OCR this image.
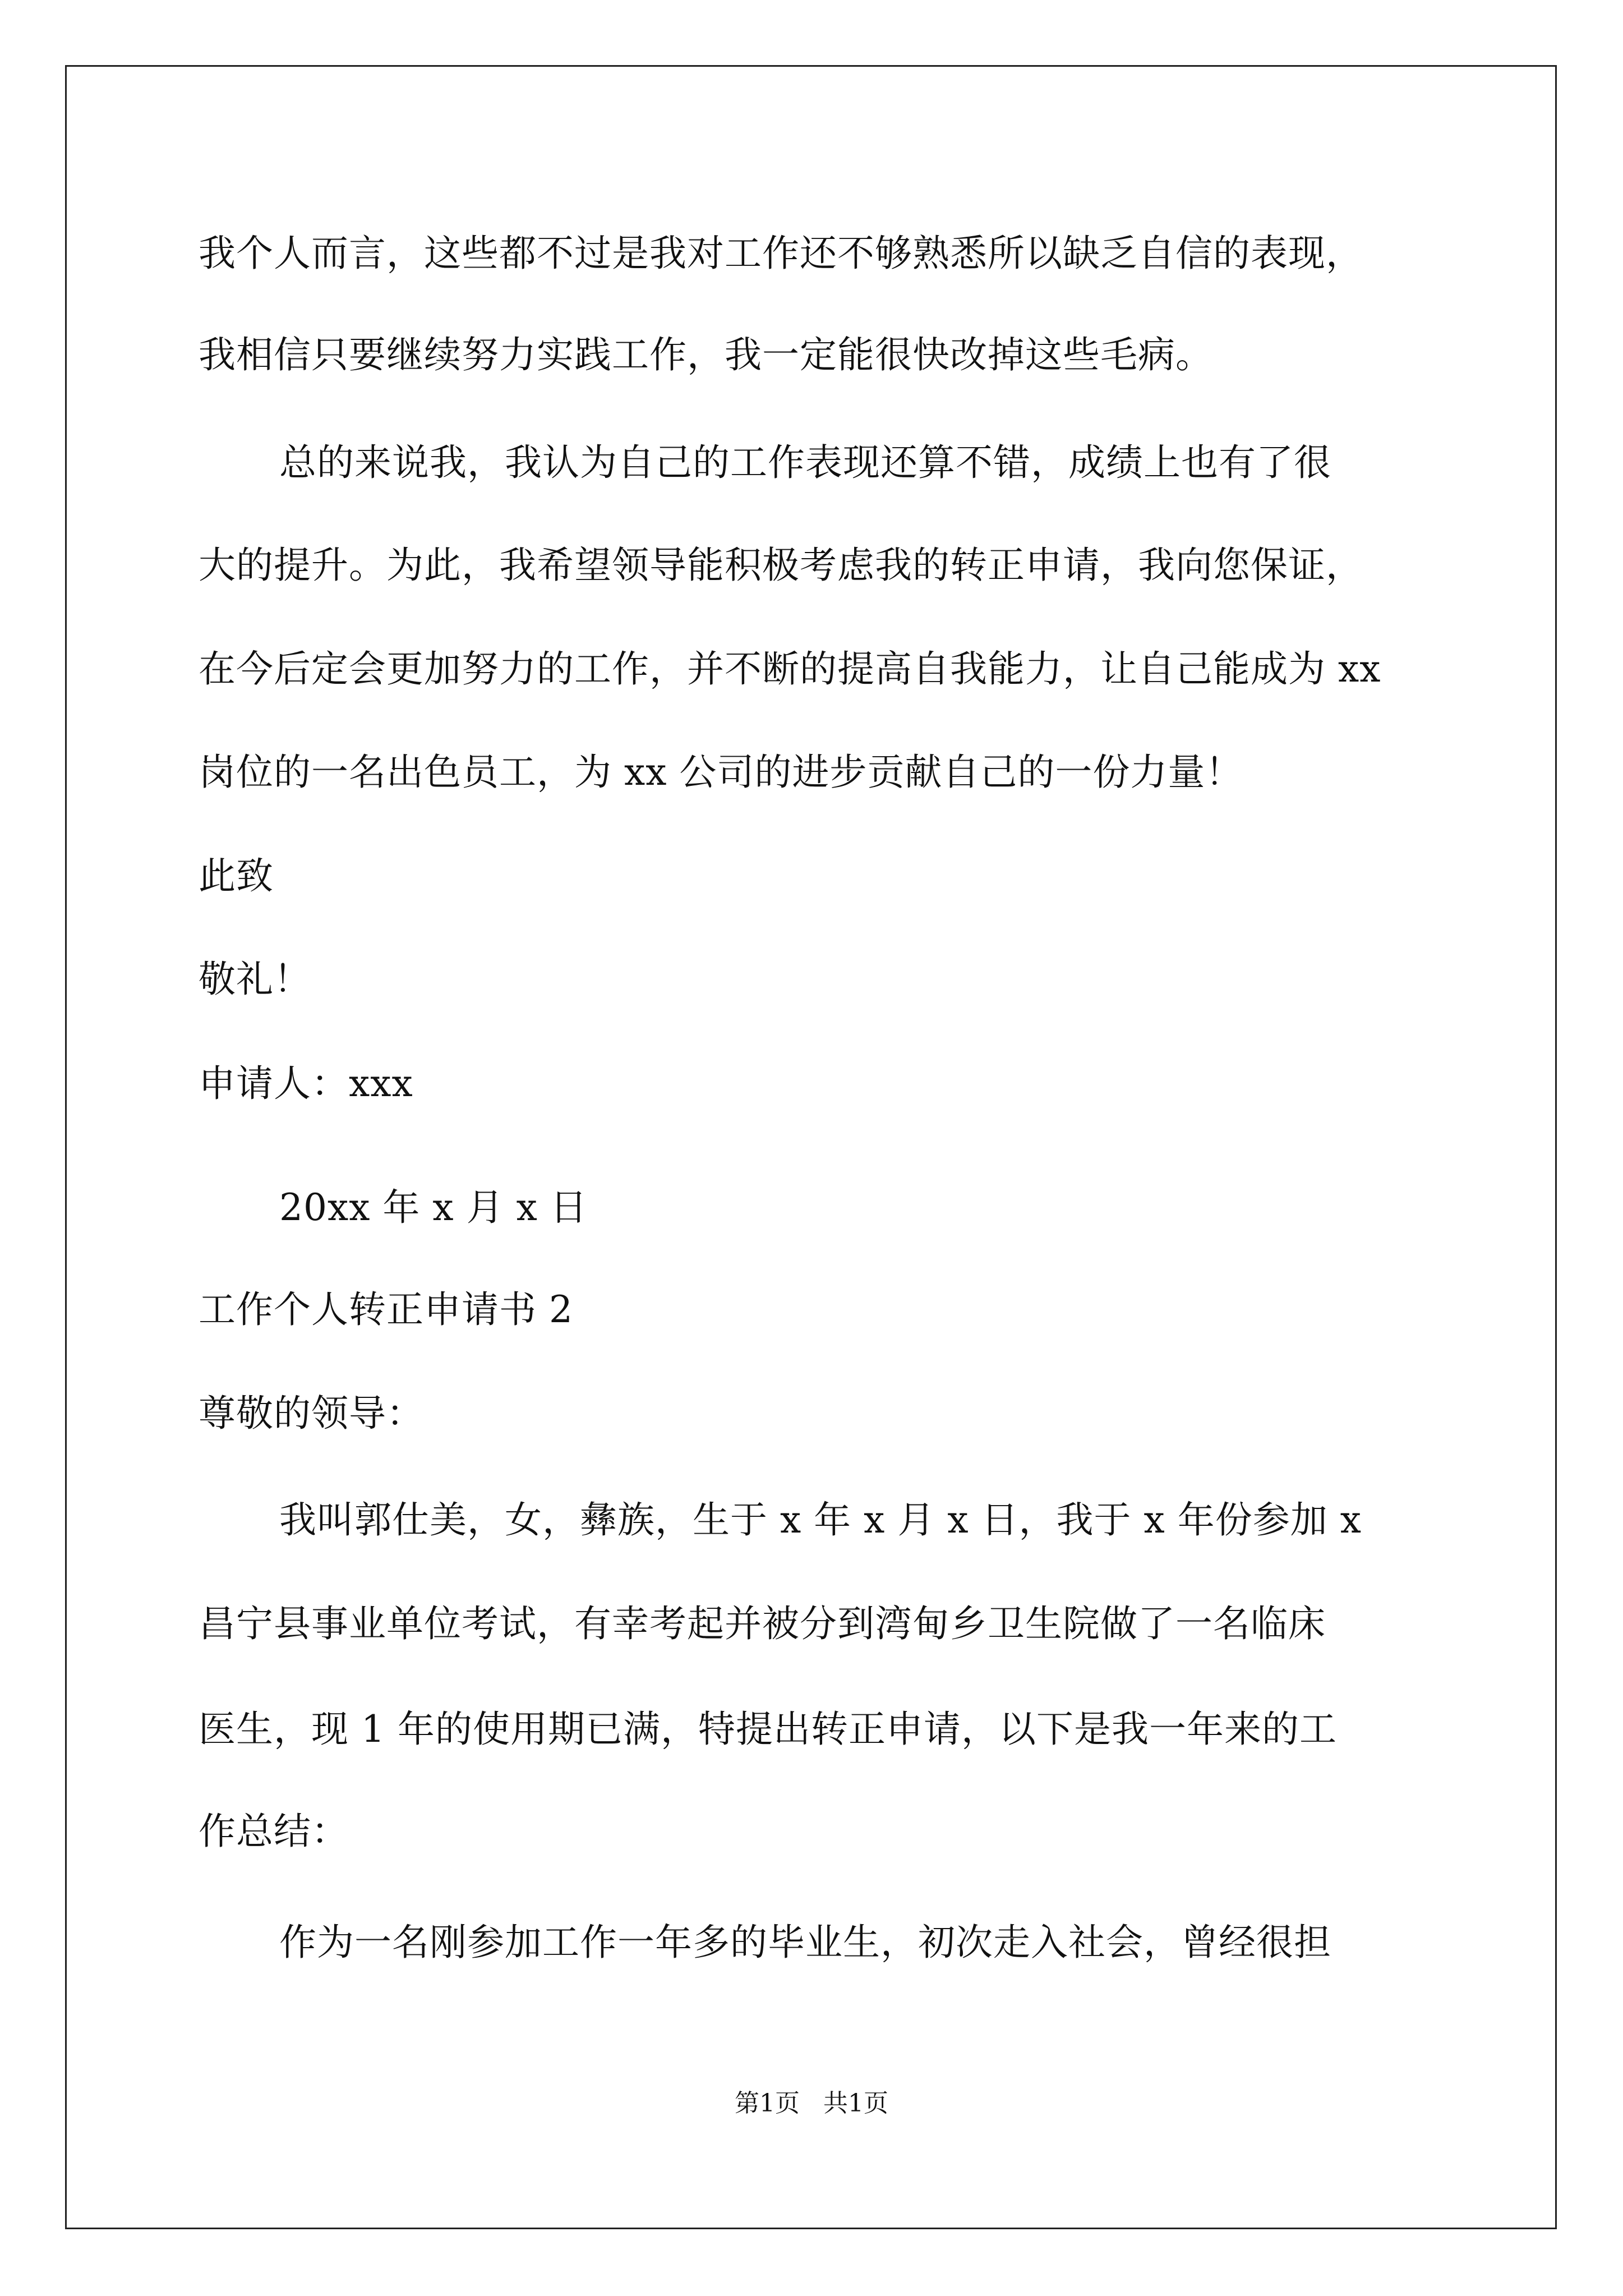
我个人而言，这些都不过是我对工作还不够熟悉所以缺乏自信的表现，
我相信只要继续努力实践工作，我一定能很快改掉这些毛病。
总的来说我，我认为自己的工作表现还算不错，成绩上也有了很
大的提升。为此，我希望领导能积极考虑我的转正申请，我向您保证，
在今后定会更加努力的工作，并不断的提高自我能力，让自己能成为 xx
岗位的一名出色员工，为 xx 公司的进步贡献自己的一份力量！
此致
敬礼！
申请人：xxx
20xx 年 x 月 x 日
工作个人转正申请书 2
尊敬的领导：
我叫郭仕美，女，彝族，生于 x 年 x 月 x 日，我于 x 年份参加 x
昌宁县事业单位考试，有幸考起并被分到湾甸乡卫生院做了一名临床
医生，现 1 年的使用期已满，特提出转正申请，以下是我一年来的工
作总结：
作为一名刚参加工作一年多的毕业生，初次走入社会，曾经很担
第1页   共1页
